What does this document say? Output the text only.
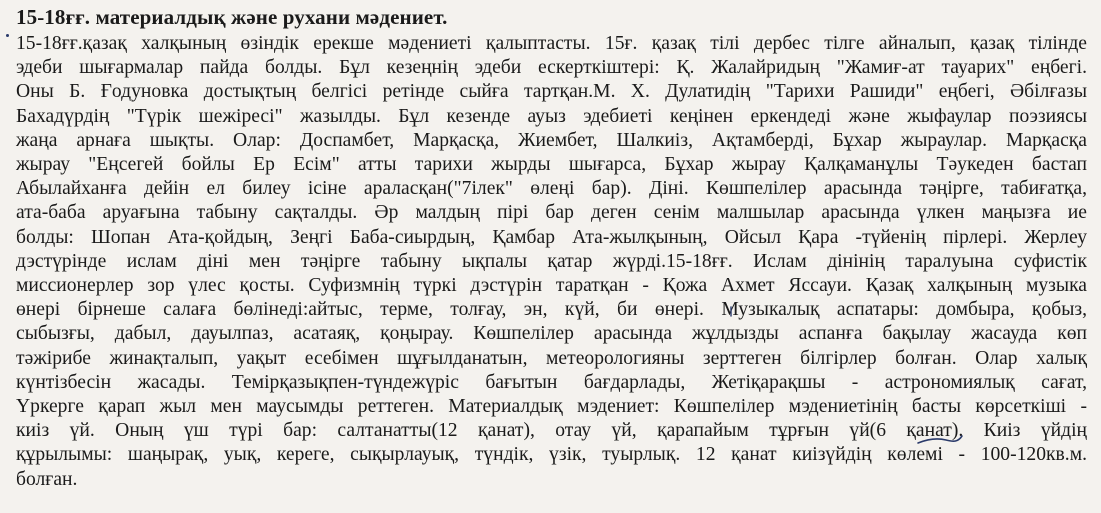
15-18ғғ. материалдық және рухани мәдениет.
15-18ғғ.қазақ халқының өзіндік ерекше мәдениеті қалыптасты. 15ғ. қазақ тілі дербес тілге айналып, қазақ тілінде
эдеби шығармалар пайда болды. Бұл кезеңнің эдеби ескерткіштері: Қ. Жалайридың "Жамиғ-ат тауарих" еңбегі.
Оны Б. Ғодуновка достықтың белгісі ретінде сыйға тартқан.М. Х. Дулатидің "Тарихи Рашиди" еңбегі, Әбілғазы
Бахадүрдің "Түрік шежіресі" жазылды. Бұл кезенде ауыз эдебиеті кеңінен еркендеді және жыфаулар поэзиясы
жаңа арнаға шықты. Олар: Доспамбет, Марқасқа, Жиембет, Шалкиіз, Ақтамберді, Бұхар жыраулар. Марқасқа
жырау "Еңсегей бойлы Ер Есім" атты тарихи жырды шығарса, Бұхар жырау Қалқаманұлы Тәукеден бастап
Абылайханға дейін ел билеу ісіне араласқан("7ілек" өлеңі бар). Діні. Көшпелілер арасында тәңірге, табиғатқа,
ата-баба аруағына табыну сақталды. Әр малдың пірі бар деген сенім малшылар арасында үлкен маңызға ие
болды: Шопан Ата-қойдың, Зеңгі Баба-сиырдың, Қамбар Ата-жылқының, Ойсыл Қара -түйенің пірлері. Жерлеу
дэстүрінде ислам діні мен тәңірге табыну ықпалы қатар жүрді.15-18ғғ. Ислам дінінің таралуына суфистік
миссионерлер зор үлес қосты. Суфизмнің түркі дэстүрін таратқан - Қожа Ахмет Яссауи. Қазақ халқының музыка
өнері бірнеше салаға бөлінеді:айтыс, терме, толғау, эн, күй, би өнері. Музыкалық аспатары: домбыра, қобыз,
сыбызғы, дабыл, дауылпаз, асатаяқ, қоңырау. Көшпелілер арасында жұлдызды аспанға бақылау жасауда көп
тәжірибе жинақталып, уақыт есебімен шұғылданатын, метеорологияны зерттеген білгірлер болған. Олар халық
күнтізбесін жасады. Темірқазықпен-түндежүріс бағытын бағдарлады, Жетіқарақшы - астрономиялық сағат,
Үркерге қарап жыл мен маусымды реттеген. Материалдық мэдениет: Көшпелілер мэдениетінің басты көрсеткіші -
киіз үй. Оның үш түрі бар: салтанатты(12 қанат), отау үй, қарапайым тұрғын үй(6 қанат). Киіз үйдің
құрылымы: шаңырақ, уық, кереге, сықырлауық, түндік, үзік, туырлық. 12 қанат киізүйдің көлемі - 100-120кв.м.
болған.
